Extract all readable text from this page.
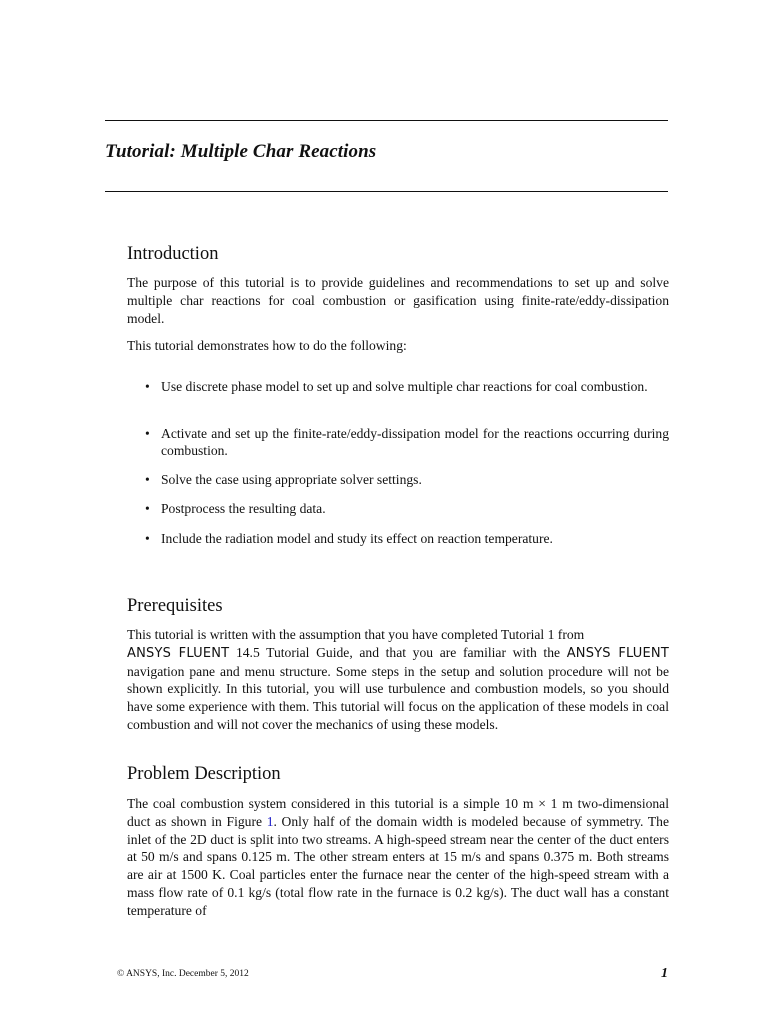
Tutorial: Multiple Char Reactions
Introduction

The purpose of this tutorial is to provide guidelines and recommendations to set up and solve multiple char reactions for coal combustion or gasification using finite-rate/eddy-dissipation model.

This tutorial demonstrates how to do the following:

• Use discrete phase model to set up and solve multiple char reactions for coal combustion.
• Activate and set up the finite-rate/eddy-dissipation model for the reactions occurring during combustion.
• Solve the case using appropriate solver settings.
• Postprocess the resulting data.
• Include the radiation model and study its effect on reaction temperature.
Prerequisites

This tutorial is written with the assumption that you have completed Tutorial 1 from
ANSYS FLUENT 14.5 Tutorial Guide, and that you are familiar with the ANSYS FLUENT navigation pane and menu structure. Some steps in the setup and solution procedure will not be shown explicitly. In this tutorial, you will use turbulence and combustion models, so you should have some experience with them. This tutorial will focus on the application of these models in coal combustion and will not cover the mechanics of using these models.

Problem Description

The coal combustion system considered in this tutorial is a simple 10 m × 1 m two-dimensional duct as shown in Figure 1. Only half of the domain width is modeled because of symmetry. The inlet of the 2D duct is split into two streams. A high-speed stream near the center of the duct enters at 50 m/s and spans 0.125 m. The other stream enters at 15 m/s and spans 0.375 m. Both streams are air at 1500 K. Coal particles enter the furnace near the center of the high-speed stream with a mass flow rate of 0.1 kg/s (total flow rate in the furnace is 0.2 kg/s). The duct wall has a constant temperature of

© ANSYS, Inc. December 5, 2012	1
